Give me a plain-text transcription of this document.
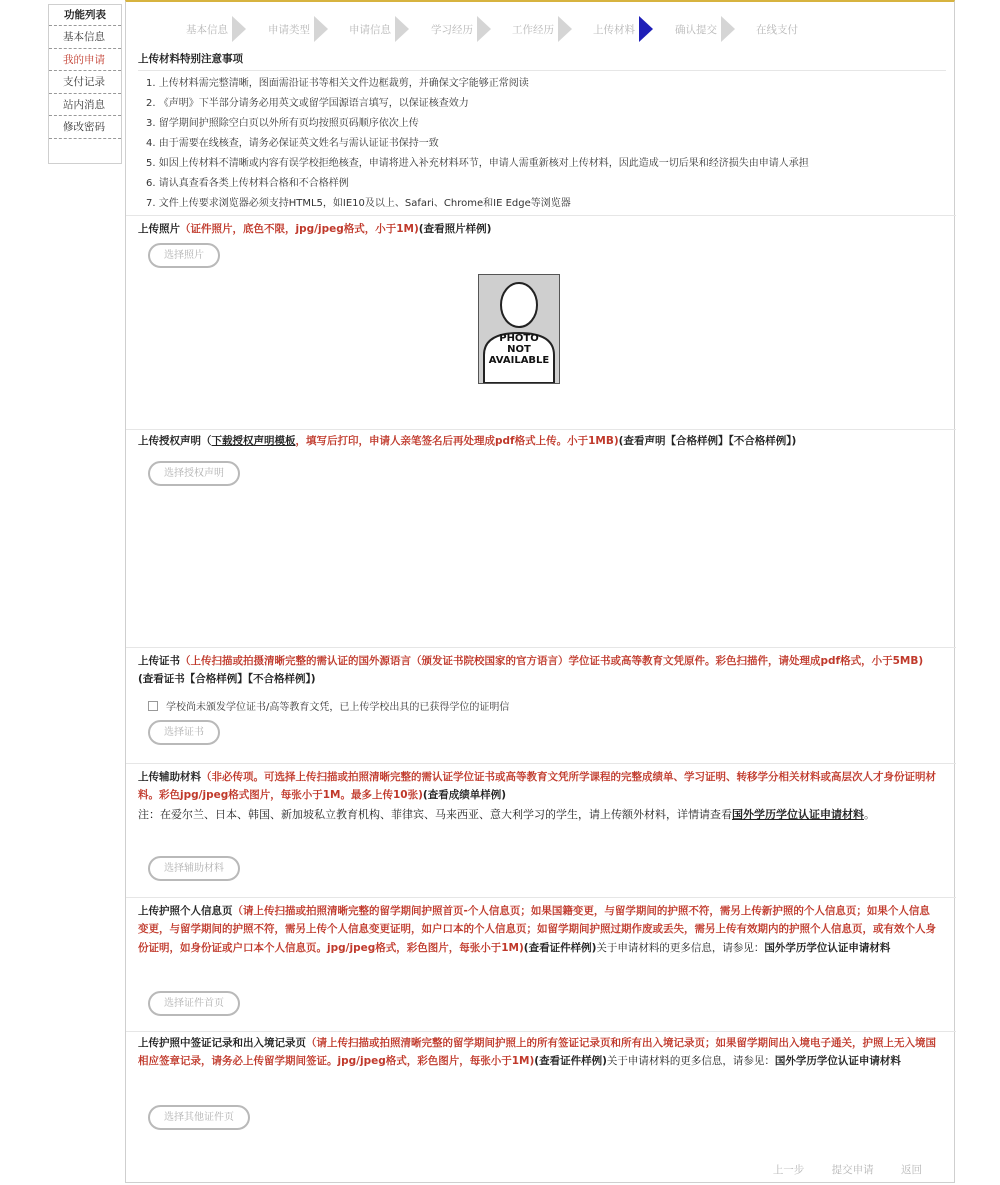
功能列表
基本信息
我的申请
支付记录
站内消息
修改密码
基本信息	申请类型	申请信息	学习经历	工作经历	上传材料	确认提交	在线支付
上传材料特别注意事项
1. 上传材料需完整清晰，图面需沿证书等相关文件边框裁剪，并确保文字能够正常阅读
2. 《声明》下半部分请务必用英文或留学国源语言填写，以保证核查效力
3. 留学期间护照除空白页以外所有页均按照页码顺序依次上传
4. 由于需要在线核查，请务必保证英文姓名与需认证证书保持一致
5. 如因上传材料不清晰或内容有误学校拒绝核查，申请将进入补充材料环节，申请人需重新核对上传材料，因此造成一切后果和经济损失由申请人承担
6. 请认真查看各类上传材料合格和不合格样例
7. 文件上传要求浏览器必须支持HTML5，如IE10及以上、Safari、Chrome和IE Edge等浏览器
上传照片（证件照片，底色不限，jpg/jpeg格式，小于1M)(查看照片样例)
选择照片
PHOTO
NOT
AVAILABLE
上传授权声明（下载授权声明模板，填写后打印，申请人亲笔签名后再处理成pdf格式上传。小于1MB)(查看声明【合格样例】【不合格样例】)
选择授权声明
上传证书（上传扫描或拍摄清晰完整的需认证的国外源语言（颁发证书院校国家的官方语言）学位证书或高等教育文凭原件。彩色扫描件，请处理成pdf格式，小于5MB)(查看证书【合格样例】【不合格样例】)
选择证书
学校尚未颁发学位证书/高等教育文凭，已上传学校出具的已获得学位的证明信
上传辅助材料（非必传项。可选择上传扫描或拍照清晰完整的需认证学位证书或高等教育文凭所学课程的完整成绩单、学习证明、转移学分相关材料或高层次人才身份证明材料。彩色jpg/jpeg格式图片，每张小于1M。最多上传10张)(查看成绩单样例)
注：在爱尔兰、日本、韩国、新加坡私立教育机构、菲律宾、马来西亚、意大利学习的学生，请上传额外材料，详情请查看国外学历学位认证申请材料。
选择辅助材料
上传护照个人信息页（请上传扫描或拍照清晰完整的留学期间护照首页-个人信息页；如果国籍变更，与留学期间的护照不符，需另上传新护照的个人信息页；如果个人信息变更，与留学期间的护照不符，需另上传个人信息变更证明，如户口本的个人信息页；如留学期间护照过期作废或丢失，需另上传有效期内的护照个人信息页，或有效个人身份证明，如身份证或户口本个人信息页。jpg/jpeg格式，彩色图片，每张小于1M)(查看证件样例)关于申请材料的更多信息，请参见：国外学历学位认证申请材料
选择证件首页
上传护照中签证记录和出入境记录页（请上传扫描或拍照清晰完整的留学期间护照上的所有签证记录页和所有出入境记录页；如果留学期间出入境电子通关，护照上无入境国相应签章记录，请务必上传留学期间签证。jpg/jpeg格式，彩色图片，每张小于1M)(查看证件样例)关于申请材料的更多信息，请参见：国外学历学位认证申请材料
选择其他证件页
上一步	提交申请	返回
